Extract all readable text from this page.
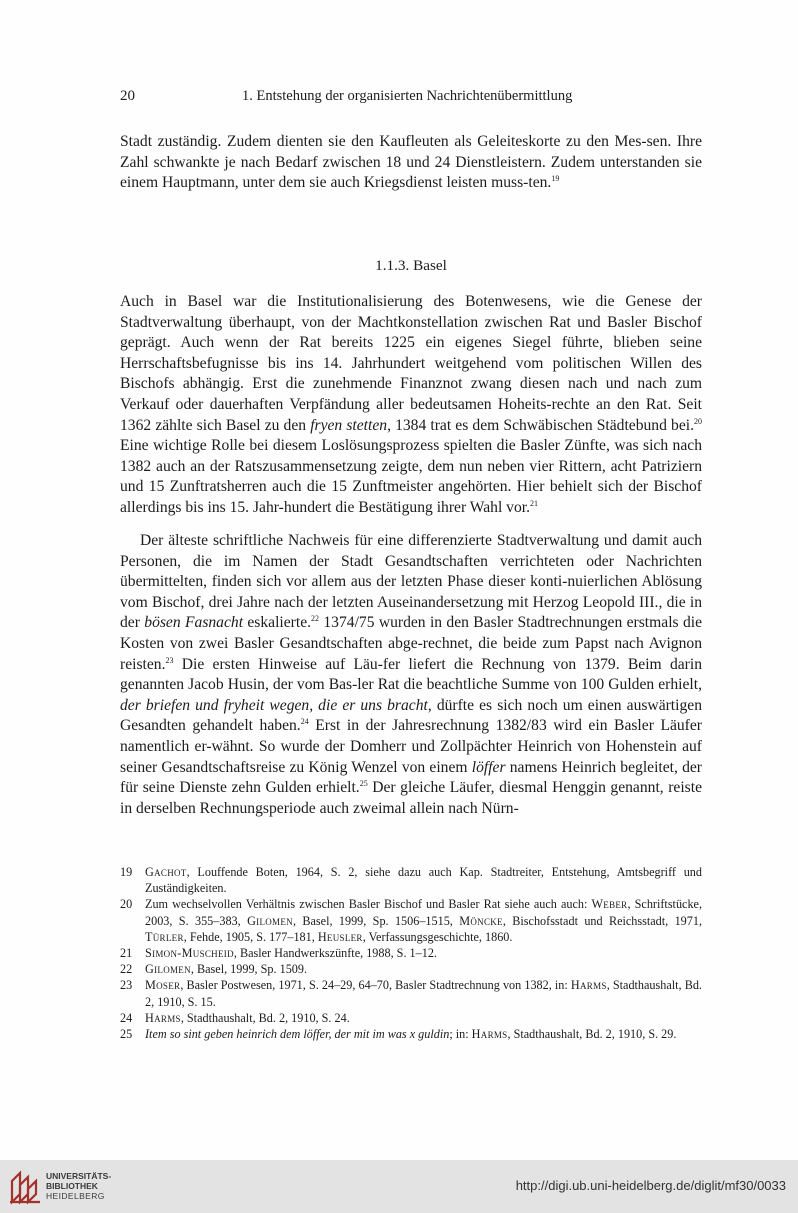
20	1. Entstehung der organisierten Nachrichtenübermittlung

Stadt zuständig. Zudem dienten sie den Kaufleuten als Geleiteskorte zu den Mes-sen. Ihre Zahl schwankte je nach Bedarf zwischen 18 und 24 Dienstleistern. Zudem unterstanden sie einem Hauptmann, unter dem sie auch Kriegsdienst leisten muss-ten.$^{19}$

1.1.3. Basel

Auch in Basel war die Institutionalisierung des Botenwesens, wie die Genese der Stadtverwaltung überhaupt, von der Machtkonstellation zwischen Rat und Basler Bischof geprägt. Auch wenn der Rat bereits 1225 ein eigenes Siegel führte, blieben seine Herrschaftsbefugnisse bis ins 14. Jahrhundert weitgehend vom politischen Willen des Bischofs abhängig. Erst die zunehmende Finanznot zwang diesen nach und nach zum Verkauf oder dauerhaften Verpfändung aller bedeutsamen Hoheits-rechte an den Rat. Seit 1362 zählte sich Basel zu den fryen stetten, 1384 trat es dem Schwäbischen Städtebund bei.$^{20}$ Eine wichtige Rolle bei diesem Loslösungsprozess spielten die Basler Zünfte, was sich nach 1382 auch an der Ratszusammensetzung zeigte, dem nun neben vier Rittern, acht Patriziern und 15 Zunftratsherren auch die 15 Zunftmeister angehörten. Hier behielt sich der Bischof allerdings bis ins 15. Jahr-hundert die Bestätigung ihrer Wahl vor.$^{21}$

Der älteste schriftliche Nachweis für eine differenzierte Stadtverwaltung und damit auch Personen, die im Namen der Stadt Gesandtschaften verrichteten oder Nachrichten übermittelten, finden sich vor allem aus der letzten Phase dieser konti-nuierlichen Ablösung vom Bischof, drei Jahre nach der letzten Auseinandersetzung mit Herzog Leopold III., die in der bösen Fasnacht eskalierte.$^{22}$ 1374/75 wurden in den Basler Stadtrechnungen erstmals die Kosten von zwei Basler Gesandtschaften abge-rechnet, die beide zum Papst nach Avignon reisten.$^{23}$ Die ersten Hinweise auf Läu-fer liefert die Rechnung von 1379. Beim darin genannten Jacob Husin, der vom Bas-ler Rat die beachtliche Summe von 100 Gulden erhielt, der briefen und fryheit wegen, die er uns bracht, dürfte es sich noch um einen auswärtigen Gesandten gehandelt haben.$^{24}$ Erst in der Jahresrechnung 1382/83 wird ein Basler Läufer namentlich er-wähnt. So wurde der Domherr und Zollpächter Heinrich von Hohenstein auf seiner Gesandtschaftsreise zu König Wenzel von einem löffer namens Heinrich begleitet, der für seine Dienste zehn Gulden erhielt.$^{25}$ Der gleiche Läufer, diesmal Henggin genannt, reiste in derselben Rechnungsperiode auch zweimal allein nach Nürn-

19 Gachot, Louffende Boten, 1964, S. 2, siehe dazu auch Kap. Stadtreiter, Entstehung, Amtsbegriff und Zuständigkeiten.
20 Zum wechselvollen Verhältnis zwischen Basler Bischof und Basler Rat siehe auch auch: Weber, Schriftstücke, 2003, S. 355–383, Gilomen, Basel, 1999, Sp. 1506–1515, Möncke, Bischofsstadt und Reichsstadt, 1971, Türler, Fehde, 1905, S. 177–181, Heusler, Verfassungsgeschichte, 1860.
21 Simon-Muscheid, Basler Handwerkszünfte, 1988, S. 1–12.
22 Gilomen, Basel, 1999, Sp. 1509.
23 Moser, Basler Postwesen, 1971, S. 24–29, 64–70, Basler Stadtrechnung von 1382, in: Harms, Stadthaushalt, Bd. 2, 1910, S. 15.
24 Harms, Stadthaushalt, Bd. 2, 1910, S. 24.
25 Item so sint geben heinrich dem löffer, der mit im was x guldin; in: Harms, Stadthaushalt, Bd. 2, 1910, S. 29.
UNIVERSITÄTS-
BIBLIOTHEK
HEIDELBERG
http://digi.ub.uni-heidelberg.de/diglit/mf30/0033
